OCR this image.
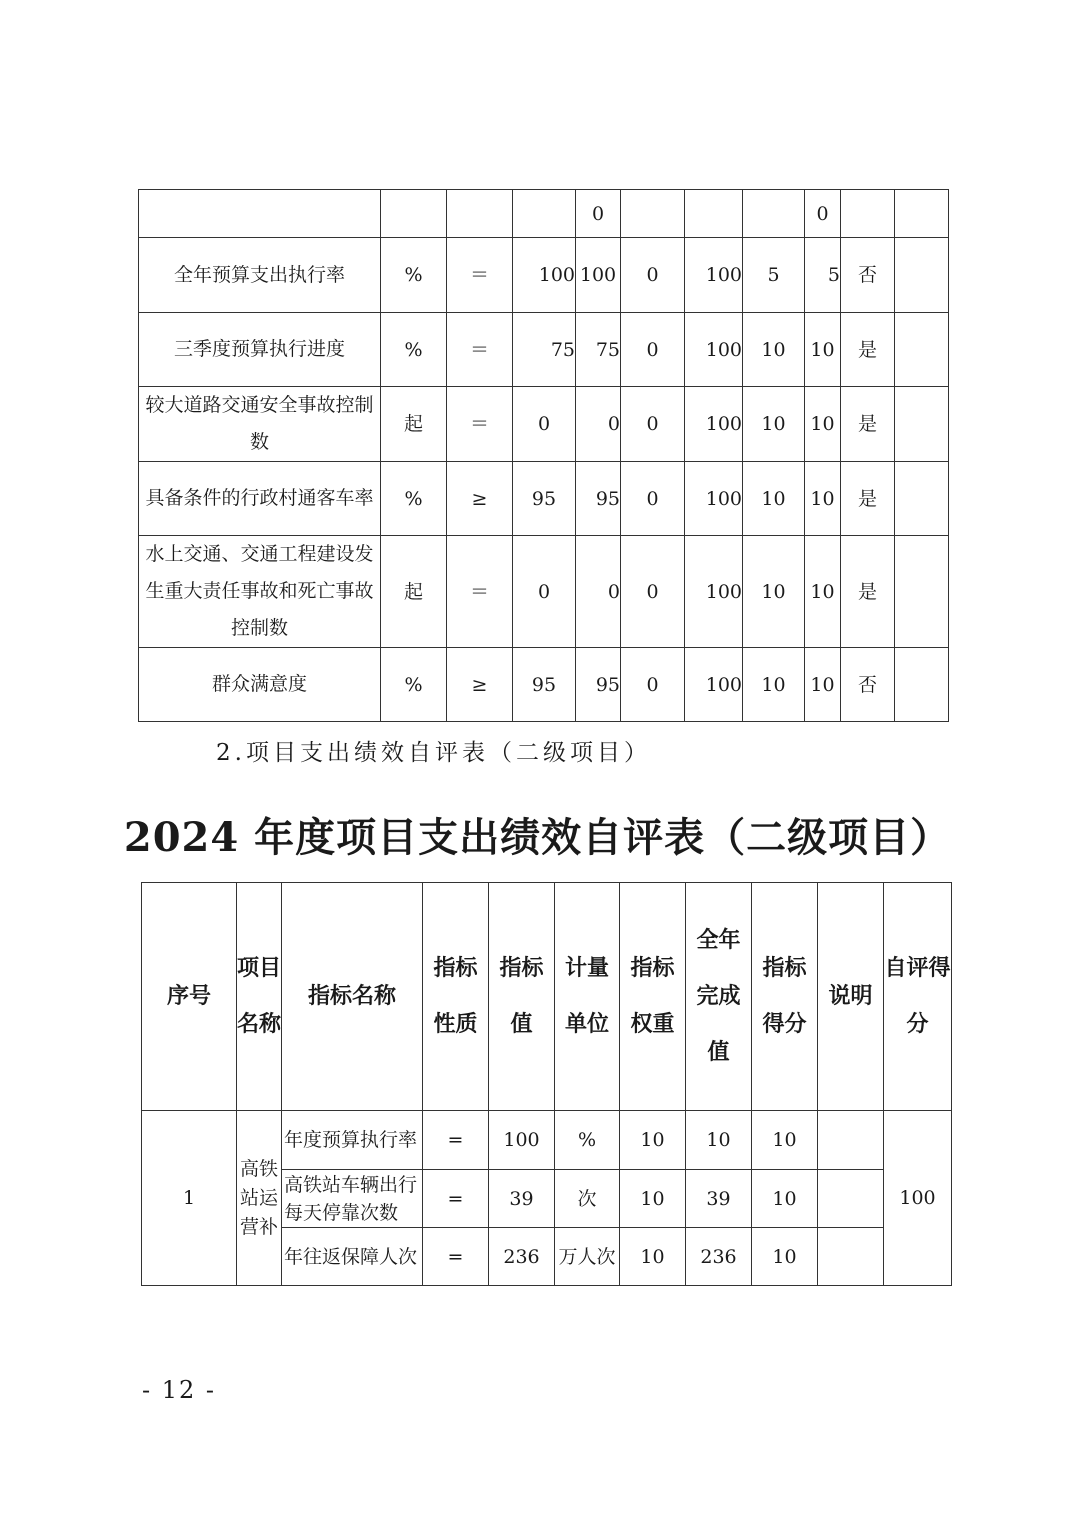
				0				0		
全年预算支出执行率	%	＝	100	100	0	100	5	5	否	
三季度预算执行进度	%	＝	75	75	0	100	10	10	是	
较大道路交通安全事故控制数	起	＝	0	0	0	100	10	10	是	
具备条件的行政村通客车率	%	≥	95	95	0	100	10	10	是	
水上交通、交通工程建设发生重大责任事故和死亡事故控制数	起	＝	0	0	0	100	10	10	是	
群众满意度	%	≥	95	95	0	100	10	10	否	
2.项目支出绩效自评表（二级项目）
2024 年度项目支出绩效自评表（二级项目）
序号	项目名称	指标名称	指标性质	指标值	计量单位	指标权重	全年完成值	指标得分	说明	自评得分
1	高铁站运营补	年度预算执行率	=	100	%	10	10	10		100
		高铁站车辆出行每天停靠次数	=	39	次	10	39	10		
		年往返保障人次	=	236	万人次	10	236	10		
- 12 -
